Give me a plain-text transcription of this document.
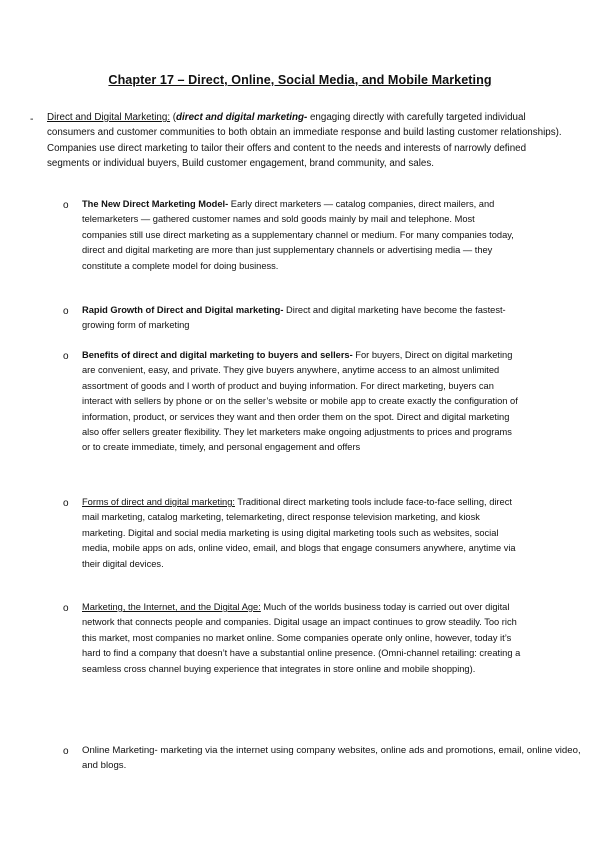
Chapter 17 – Direct, Online, Social Media, and Mobile Marketing
- Direct and Digital Marketing: (direct and digital marketing- engaging directly with carefully targeted individual consumers and customer communities to both obtain an immediate response and build lasting customer relationships). Companies use direct marketing to tailor their offers and content to the needs and interests of narrowly defined segments or individual buyers, Build customer engagement, brand community, and sales.

o The New Direct Marketing Model- Early direct marketers — catalog companies, direct mailers, and telemarketers — gathered customer names and sold goods mainly by mail and telephone. Most companies still use direct marketing as a supplementary channel or medium. For many companies today, direct and digital marketing are more than just supplementary channels or advertising media — they constitute a complete model for doing business.

o Rapid Growth of Direct and Digital marketing- Direct and digital marketing have become the fastest-growing form of marketing

o Benefits of direct and digital marketing to buyers and sellers- For buyers, Direct on digital marketing are convenient, easy, and private. They give buyers anywhere, anytime access to an almost unlimited assortment of goods and I worth of product and buying information. For direct marketing, buyers can interact with sellers by phone or on the seller’s website or mobile app to create exactly the configuration of information, product, or services they want and then order them on the spot. Direct and digital marketing also offer sellers greater flexibility. They let marketers make ongoing adjustments to prices and programs or to create immediate, timely, and personal engagement and offers

o Forms of direct and digital marketing: Traditional direct marketing tools include face-to-face selling, direct mail marketing, catalog marketing, telemarketing, direct response television marketing, and kiosk marketing. Digital and social media marketing is using digital marketing tools such as websites, social media, mobile apps on ads, online video, email, and blogs that engage consumers anywhere, anytime via their digital devices.

o Marketing, the Internet, and the Digital Age: Much of the worlds business today is carried out over digital network that connects people and companies. Digital usage an impact continues to grow steadily. Too rich this market, most companies no market online. Some companies operate only online, however, today it’s hard to find a company that doesn’t have a substantial online presence. (Omni-channel retailing: creating a seamless cross channel buying experience that integrates in store online and mobile shopping).

o Online Marketing- marketing via the internet using company websites, online ads and promotions, email, online video, and blogs.
